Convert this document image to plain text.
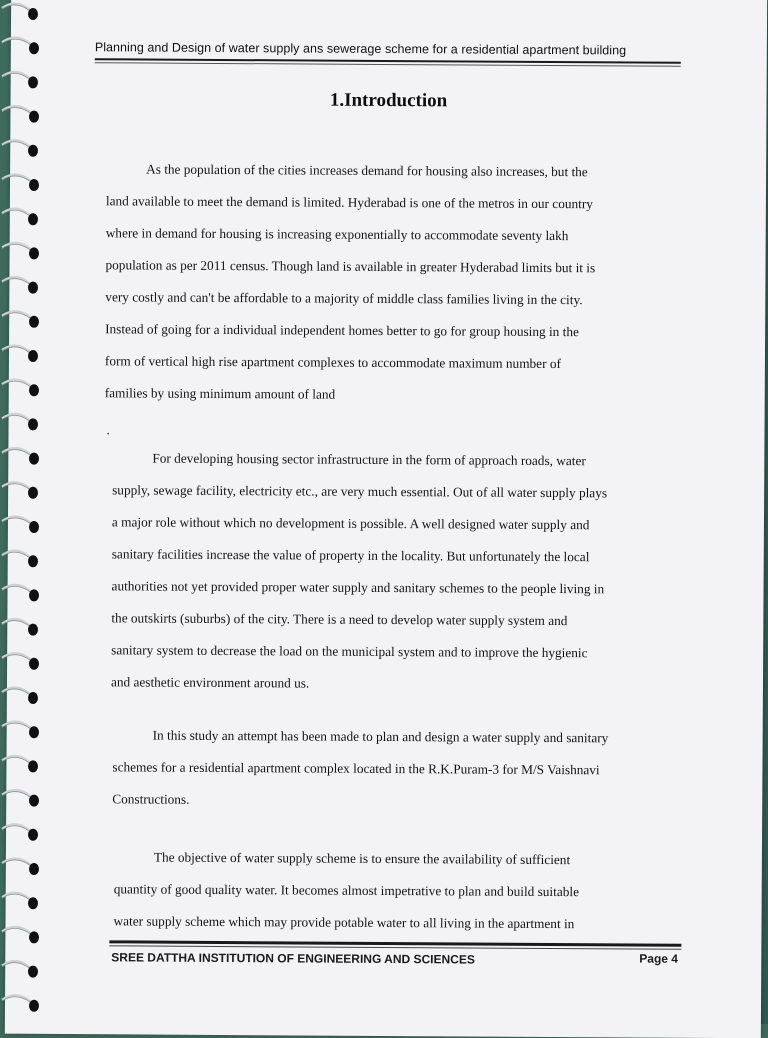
Planning and Design of water supply ans sewerage scheme for a residential apartment building
1.Introduction
As the population of the cities increases demand for housing also increases, but the
land available to meet the demand is limited. Hyderabad is one of the metros in our country
where in demand for housing is increasing exponentially to accommodate seventy lakh
population as per 2011 census. Though land is available in greater Hyderabad limits but it is
very costly and can't be affordable to a majority of middle class families living in the city.
Instead of going for a individual independent homes better to go for group housing in the
form of vertical high rise apartment complexes to accommodate maximum number of
families by using minimum amount of land
.
For developing housing sector infrastructure in the form of approach roads, water
supply, sewage facility, electricity etc., are very much essential. Out of all water supply plays
a major role without which no development is possible. A well designed water supply and
sanitary facilities increase the value of property in the locality. But unfortunately the local
authorities not yet provided proper water supply and sanitary schemes to the people living in
the outskirts (suburbs) of the city. There is a need to develop water supply system and
sanitary system to decrease the load on the municipal system and to improve the hygienic
and aesthetic environment around us.
In this study an attempt has been made to plan and design a water supply and sanitary
schemes for a residential apartment complex located in the R.K.Puram-3 for M/S Vaishnavi
Constructions.
The objective of water supply scheme is to ensure the availability of sufficient
quantity of good quality water. It becomes almost impetrative to plan and build suitable
water supply scheme which may provide potable water to all living in the apartment in
SREE DATTHA INSTITUTION OF ENGINEERING AND SCIENCES	Page 4
